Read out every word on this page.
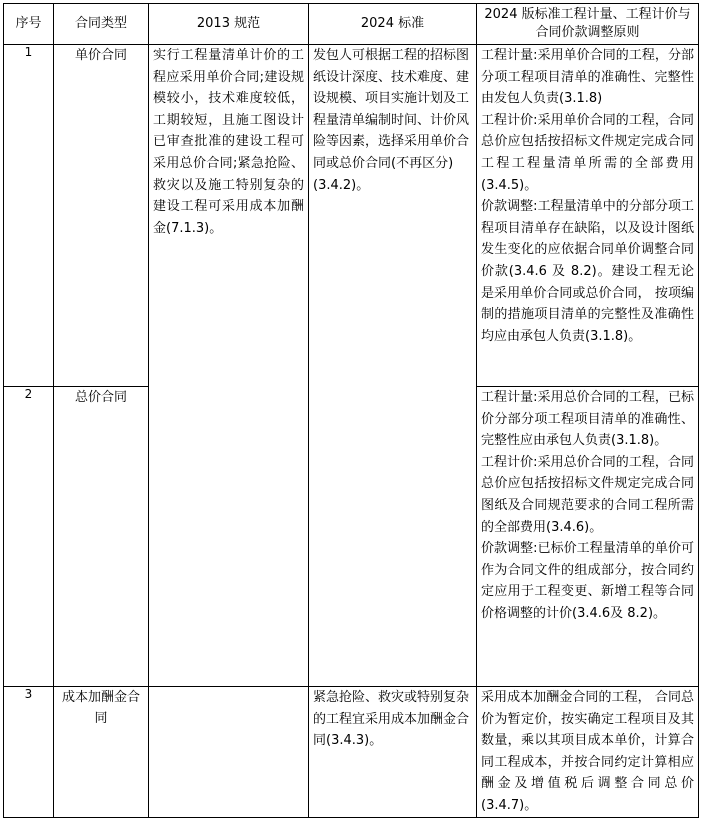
序号	合同类型	2013 规范	2024 标准	2024 版标准工程计量、工程计价与合同价款调整原则
1	单价合同	实行工程量清单计价的工程应采用单价合同;建设规模较小，技术难度较低，工期较短，且施工图设计已审查批准的建设工程可采用总价合同;紧急抢险、救灾以及施工特别复杂的建设工程可采用成本加酬金(7.1.3)。	发包人可根据工程的招标图纸设计深度、技术难度、建设规模、项目实施计划及工程量清单编制时间、计价风险等因素，选择采用单价合同或总价合同(不再区分)(3.4.2)。	工程计量:采用单价合同的工程，分部分项工程项目清单的准确性、完整性由发包人负责(3.1.8)

工程计价:采用单价合同的工程，合同总价应包括按招标文件规定完成合同工程工程量清单所需的全部费用(3.4.5)。

价款调整:工程量清单中的分部分项工程项目清单存在缺陷，以及设计图纸发生变化的应依据合同单价调整合同价款(3.4.6 及 8.2)。建设工程无论是采用单价合同或总价合同， 按项编制的措施项目清单的完整性及准确性均应由承包人负责(3.1.8)。

2	总价合同			工程计量:采用总价合同的工程，已标价分部分项工程项目清单的准确性、完整性应由承包人负责(3.1.8)。

工程计价:采用总价合同的工程，合同总价应包括按招标文件规定完成合同图纸及合同规范要求的合同工程所需的全部费用(3.4.6)。

价款调整:已标价工程量清单的单价可作为合同文件的组成部分，按合同约定应用于工程变更、新增工程等合同价格调整的计价(3.4.6及 8.2)。

3	成本加酬金合同		紧急抢险、救灾或特别复杂的工程宜采用成本加酬金合同(3.4.3)。	采用成本加酬金合同的工程， 合同总价为暂定价，按实确定工程项目及其数量，乘以其项目成本单价，计算合同工程成本，并按合同约定计算相应酬金及增值税后调整合同总价 (3.4.7)。
